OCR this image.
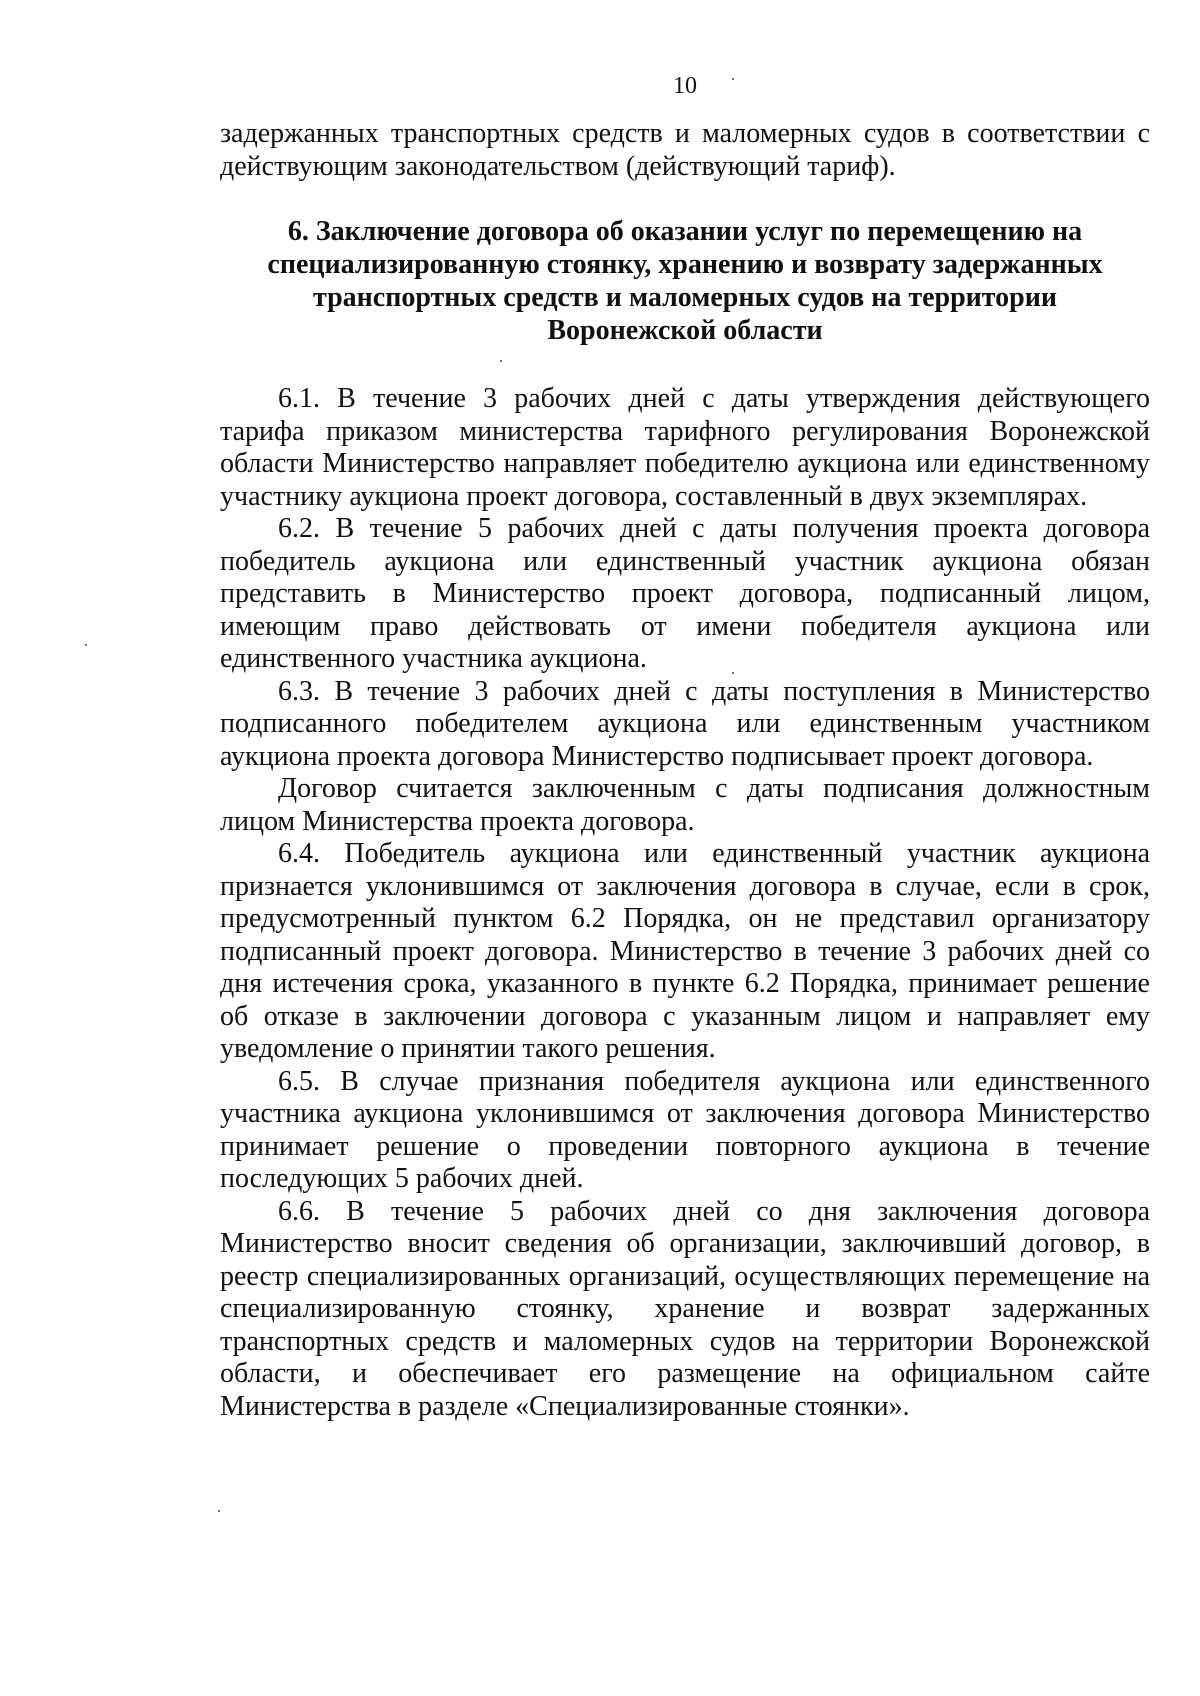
10

задержанных транспортных средств и маломерных судов в соответствии с действующим законодательством (действующий тариф).

6. Заключение договора об оказании услуг по перемещению на
специализированную стоянку, хранению и возврату задержанных
транспортных средств и маломерных судов на территории
Воронежской области

6.1. В течение 3 рабочих дней с даты утверждения действующего тарифа приказом министерства тарифного регулирования Воронежской области Министерство направляет победителю аукциона или единственному участнику аукциона проект договора, составленный в двух экземплярах.

6.2. В течение 5 рабочих дней с даты получения проекта договора победитель аукциона или единственный участник аукциона обязан представить в Министерство проект договора, подписанный лицом, имеющим право действовать от имени победителя аукциона или единственного участника аукциона.

6.3. В течение 3 рабочих дней с даты поступления в Министерство подписанного победителем аукциона или единственным участником аукциона проекта договора Министерство подписывает проект договора.

Договор считается заключенным с даты подписания должностным лицом Министерства проекта договора.

6.4. Победитель аукциона или единственный участник аукциона признается уклонившимся от заключения договора в случае, если в срок, предусмотренный пунктом 6.2 Порядка, он не представил организатору подписанный проект договора. Министерство в течение 3 рабочих дней со дня истечения срока, указанного в пункте 6.2 Порядка, принимает решение об отказе в заключении договора с указанным лицом и направляет ему уведомление о принятии такого решения.

6.5. В случае признания победителя аукциона или единственного участника аукциона уклонившимся от заключения договора Министерство принимает решение о проведении повторного аукциона в течение последующих 5 рабочих дней.

6.6. В течение 5 рабочих дней со дня заключения договора Министерство вносит сведения об организации, заключивший договор, в реестр специализированных организаций, осуществляющих перемещение на специализированную стоянку, хранение и возврат задержанных транспортных средств и маломерных судов на территории Воронежской области, и обеспечивает его размещение на официальном сайте Министерства в разделе «Специализированные стоянки».
